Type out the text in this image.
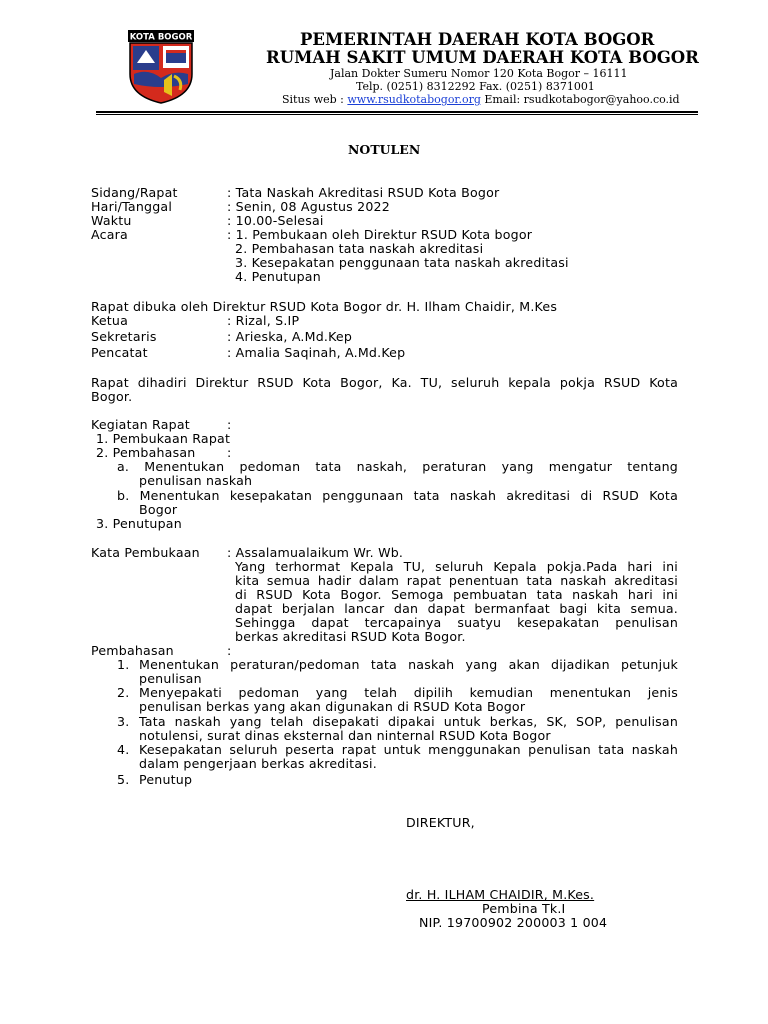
KOTA BOGOR	PEMERINTAH DAERAH KOTA BOGOR
RUMAH SAKIT UMUM DAERAH KOTA BOGOR
Jalan Dokter Sumeru Nomor 120 Kota Bogor – 16111
Telp. (0251) 8312292 Fax. (0251) 8371001
Situs web : www.rsudkotabogor.org Email: rsudkotabogor@yahoo.co.id
NOTULEN
Sidang/Rapat	: Tata Naskah Akreditasi RSUD Kota Bogor
Hari/Tanggal	: Senin, 08 Agustus 2022
Waktu	: 10.00-Selesai
Acara	: 1. Pembukaan oleh Direktur RSUD Kota bogor
2. Pembahasan tata naskah akreditasi
3. Kesepakatan penggunaan tata naskah akreditasi
4. Penutupan
Rapat dibuka oleh Direktur RSUD Kota Bogor dr. H. Ilham Chaidir, M.Kes
Ketua	: Rizal, S.IP
Sekretaris	: Arieska, A.Md.Kep
Pencatat	: Amalia Saqinah, A.Md.Kep
Rapat dihadiri Direktur RSUD Kota Bogor, Ka. TU, seluruh kepala pokja RSUD Kota
Bogor.
Kegiatan Rapat	:
1. Pembukaan Rapat
2. Pembahasan	:
a. Menentukan pedoman tata naskah, peraturan yang mengatur tentang
penulisan naskah
b. Menentukan kesepakatan penggunaan tata naskah akreditasi di RSUD Kota
Bogor
3. Penutupan
Kata Pembukaan : Assalamualaikum Wr. Wb.
Yang terhormat Kepala TU, seluruh Kepala pokja.Pada hari ini
kita semua hadir dalam rapat penentuan tata naskah akreditasi
di RSUD Kota Bogor. Semoga pembuatan tata naskah hari ini
dapat berjalan lancar dan dapat bermanfaat bagi kita semua.
Sehingga dapat tercapainya suatyu kesepakatan penulisan
berkas akreditasi RSUD Kota Bogor.
Pembahasan	:
1. Menentukan peraturan/pedoman tata naskah yang akan dijadikan petunjuk
penulisan
2. Menyepakati pedoman yang telah dipilih kemudian menentukan jenis
penulisan berkas yang akan digunakan di RSUD Kota Bogor
3. Tata naskah yang telah disepakati dipakai untuk berkas, SK, SOP, penulisan
notulensi, surat dinas eksternal dan ninternal RSUD Kota Bogor
4. Kesepakatan seluruh peserta rapat untuk menggunakan penulisan tata naskah
dalam pengerjaan berkas akreditasi.
5. Penutup
DIREKTUR,
dr. H. ILHAM CHAIDIR, M.Kes.
Pembina Tk.I
NIP. 19700902 200003 1 004
